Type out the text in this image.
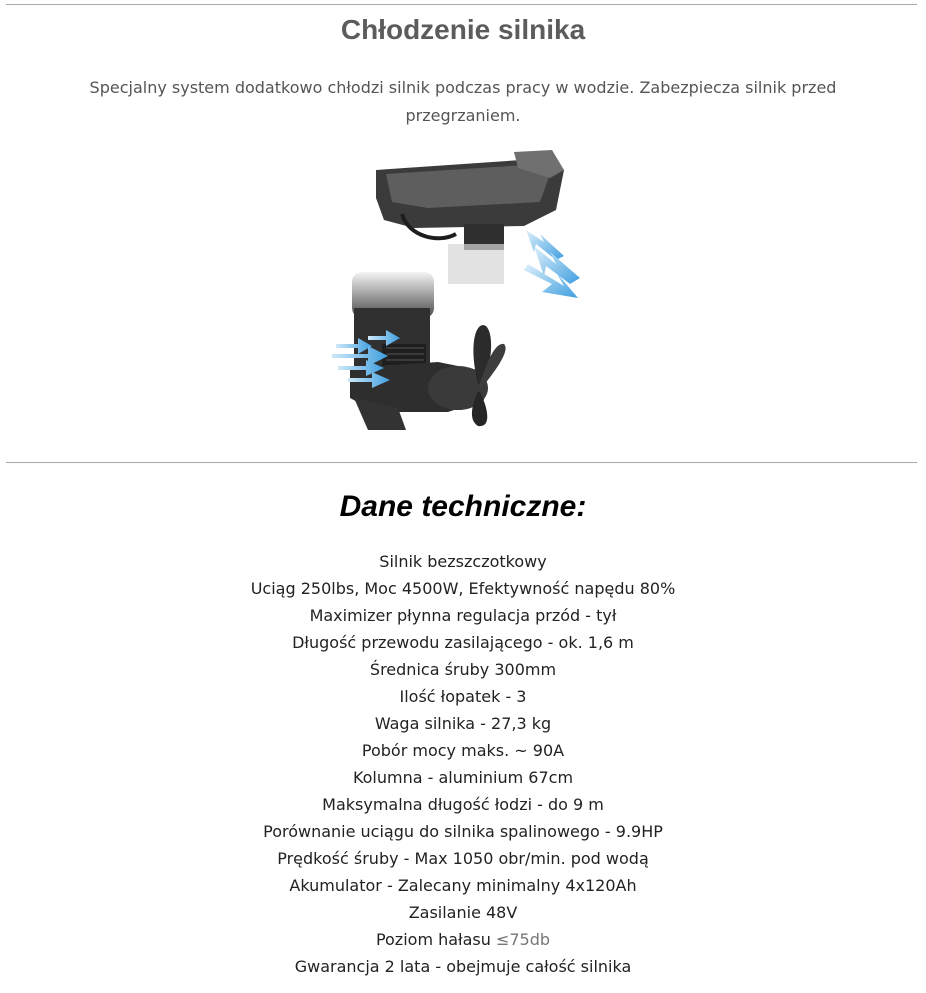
Chłodzenie silnika

Specjalny system dodatkowo chłodzi silnik podczas pracy w wodzie. Zabezpiecza silnik przed przegrzaniem.

Dane techniczne:
Silnik bezszczotkowy
Uciąg 250lbs, Moc 4500W, Efektywność napędu 80%
Maximizer płynna regulacja przód - tył
Długość przewodu zasilającego - ok. 1,6 m
Średnica śruby 300mm
Ilość łopatek - 3
Waga silnika - 27,3 kg
Pobór mocy maks. ~ 90A
Kolumna - aluminium 67cm
Maksymalna długość łodzi - do 9 m
Porównanie uciągu do silnika spalinowego - 9.9HP
Prędkość śruby - Max 1050 obr/min. pod wodą
Akumulator - Zalecany minimalny 4x120Ah
Zasilanie 48V
Poziom hałasu ≤75db
Gwarancja 2 lata - obejmuje całość silnika
